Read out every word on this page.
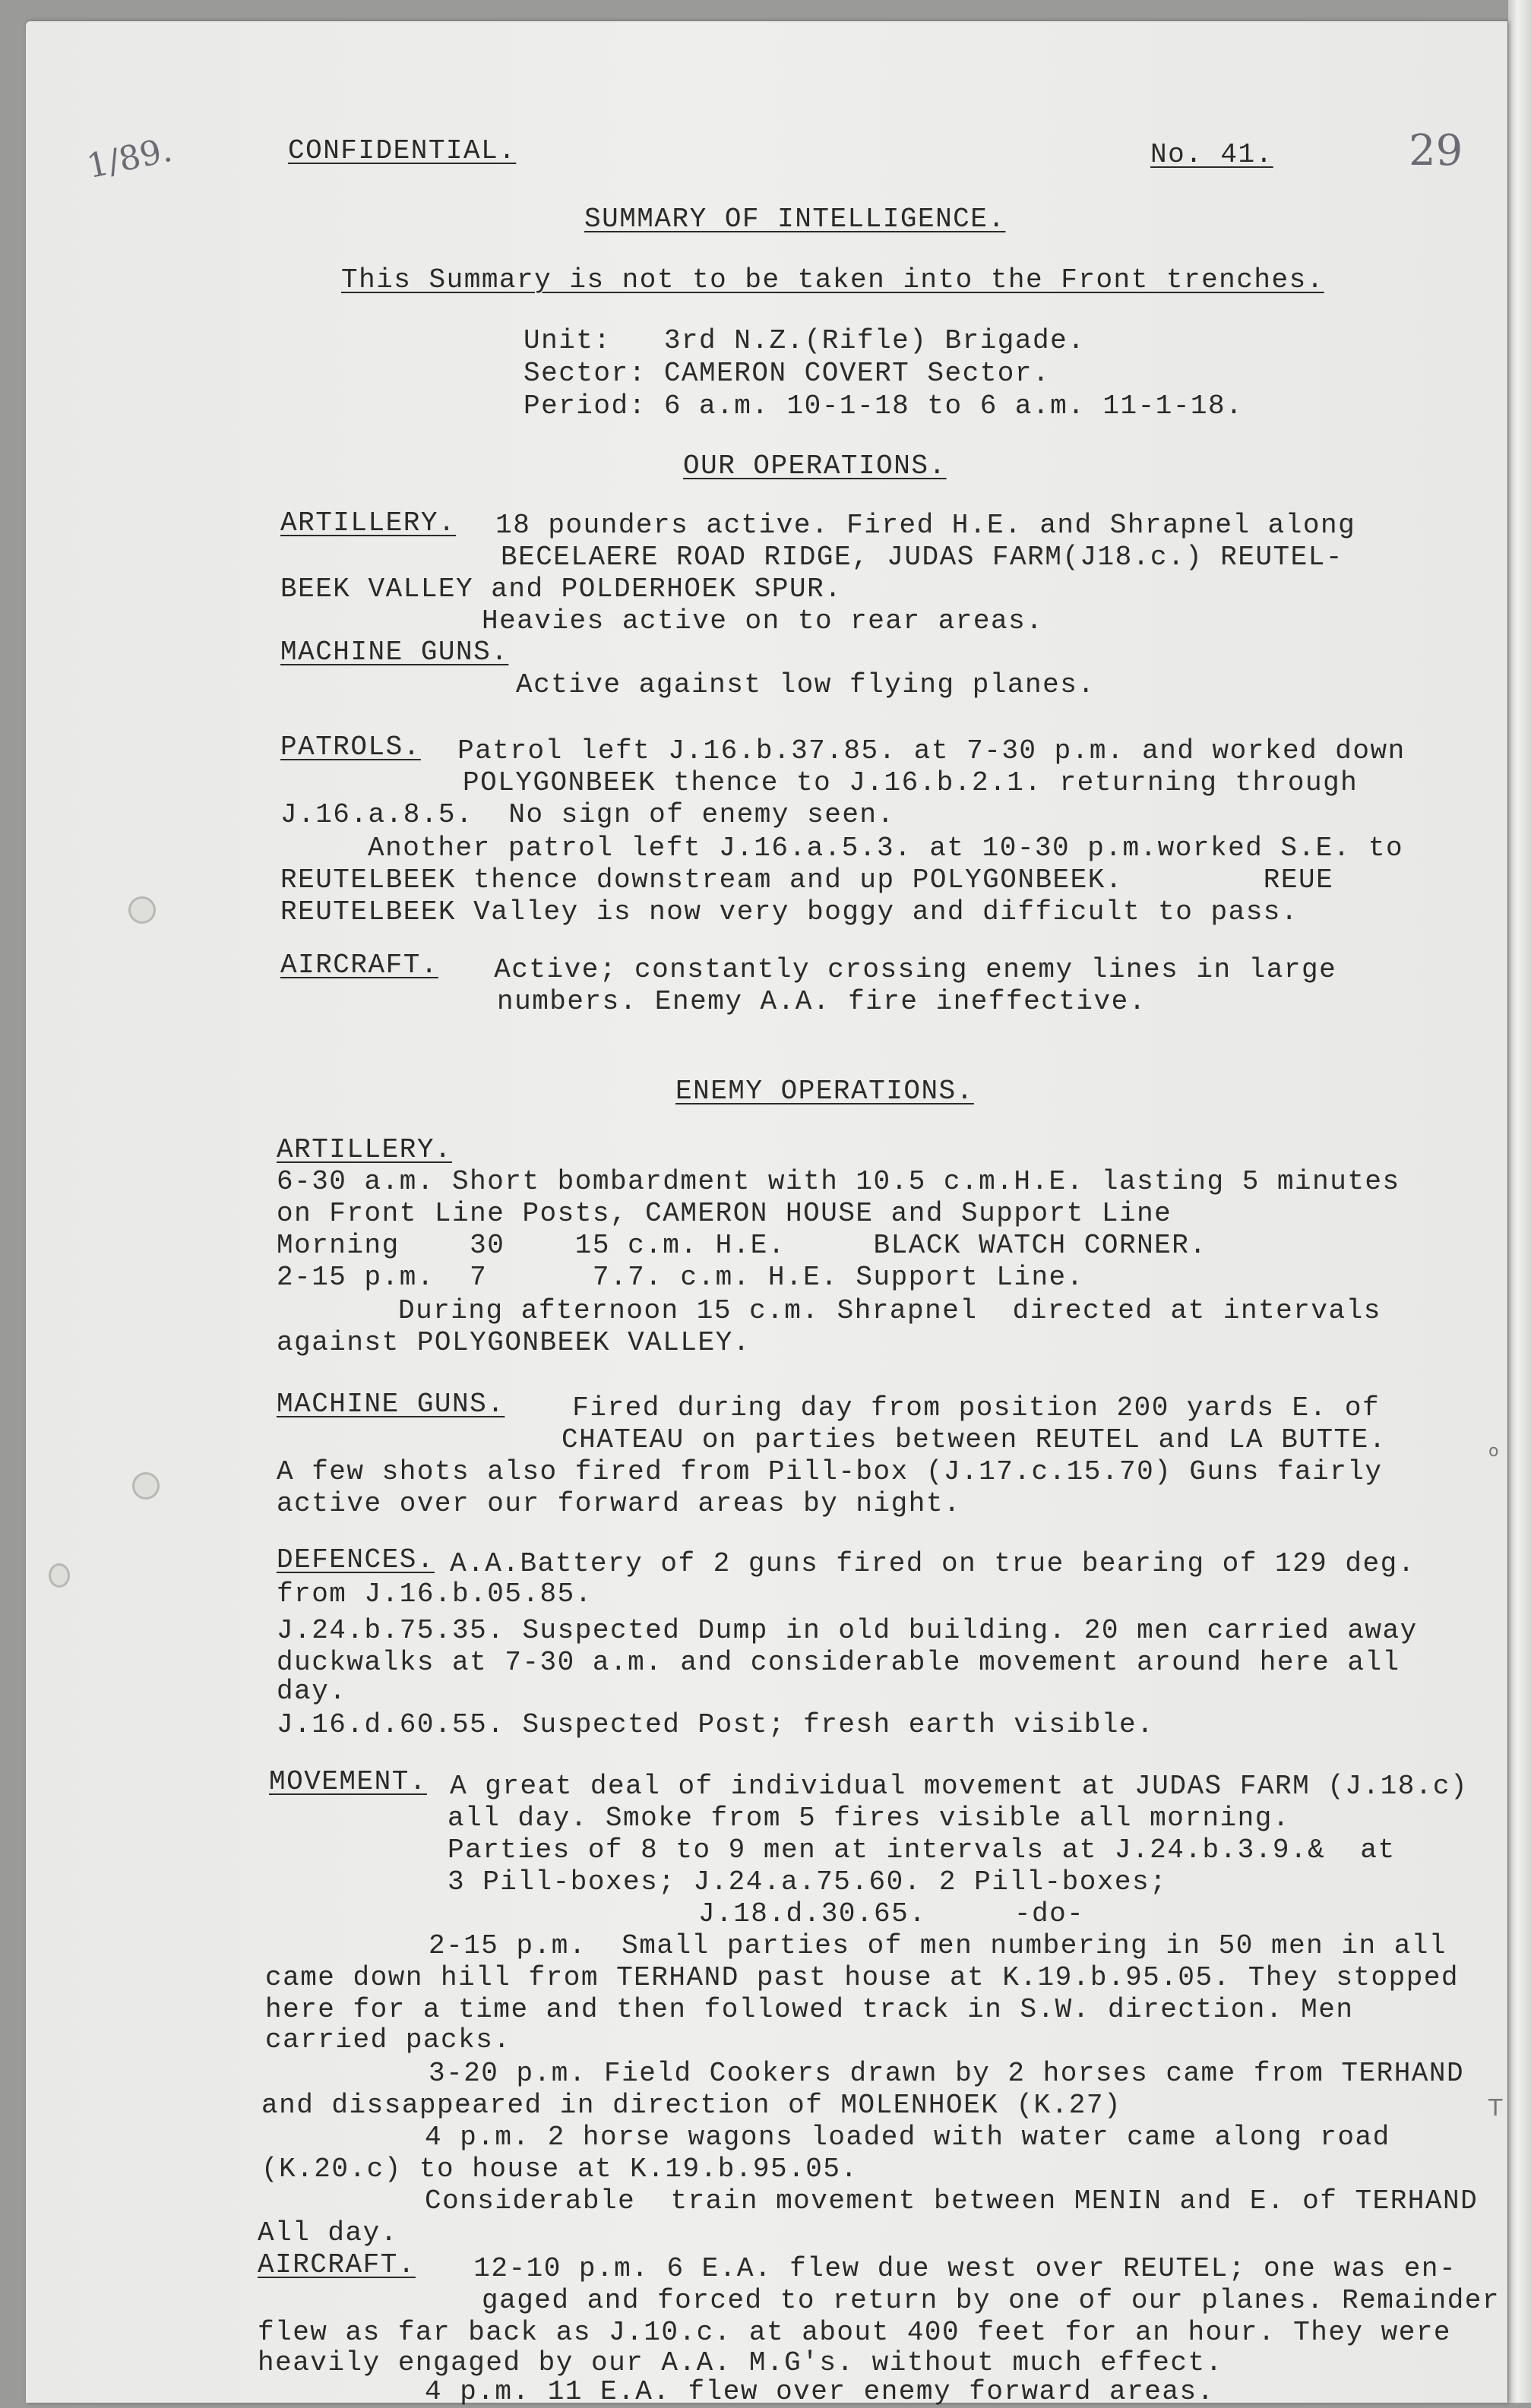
1/89.	CONFIDENTIAL.	No. 41.	29
SUMMARY OF INTELLIGENCE.
This Summary is not to be taken into the Front trenches.
Unit:   3rd N.Z.(Rifle) Brigade.
Sector: CAMERON COVERT Sector.
Period: 6 a.m. 10-1-18 to 6 a.m. 11-1-18.
OUR OPERATIONS.
ARTILLERY. 18 pounders active. Fired H.E. and Shrapnel along
BECELAERE ROAD RIDGE, JUDAS FARM(J18.c.) REUTEL-
BEEK VALLEY and POLDERHOEK SPUR.
Heavies active on to rear areas.
MACHINE GUNS.
Active against low flying planes.
PATROLS. Patrol left J.16.b.37.85. at 7-30 p.m. and worked down
POLYGONBEEK thence to J.16.b.2.1. returning through
J.16.a.8.5.  No sign of enemy seen.
Another patrol left J.16.a.5.3. at 10-30 p.m.worked S.E. to
REUTELBEEK thence downstream and up POLYGONBEEK.        REUE
REUTELBEEK Valley is now very boggy and difficult to pass.
AIRCRAFT. Active; constantly crossing enemy lines in large
numbers. Enemy A.A. fire ineffective.
ENEMY OPERATIONS.
ARTILLERY.
6-30 a.m. Short bombardment with 10.5 c.m.H.E. lasting 5 minutes
on Front Line Posts, CAMERON HOUSE and Support Line
Morning    30    15 c.m. H.E.     BLACK WATCH CORNER.
2-15 p.m.  7      7.7. c.m. H.E. Support Line.
During afternoon 15 c.m. Shrapnel  directed at intervals
against POLYGONBEEK VALLEY.
MACHINE GUNS. Fired during day from position 200 yards E. of
CHATEAU on parties between REUTEL and LA BUTTE.
A few shots also fired from Pill-box (J.17.c.15.70) Guns fairly
active over our forward areas by night.
DEFENCES.
A.A.Battery of 2 guns fired on true bearing of 129 deg.
from J.16.b.05.85.
J.24.b.75.35. Suspected Dump in old building. 20 men carried away
duckwalks at 7-30 a.m. and considerable movement around here all
day.
J.16.d.60.55. Suspected Post; fresh earth visible.
MOVEMENT. A great deal of individual movement at JUDAS FARM (J.18.c)
all day. Smoke from 5 fires visible all morning.
Parties of 8 to 9 men at intervals at J.24.b.3.9.&  at
3 Pill-boxes; J.24.a.75.60. 2 Pill-boxes;
J.18.d.30.65.     -do-
2-15 p.m.  Small parties of men numbering in 50 men in all
came down hill from TERHAND past house at K.19.b.95.05. They stopped
here for a time and then followed track in S.W. direction. Men
carried packs.
3-20 p.m. Field Cookers drawn by 2 horses came from TERHAND
and dissappeared in direction of MOLENHOEK (K.27)
4 p.m. 2 horse wagons loaded with water came along road
(K.20.c) to house at K.19.b.95.05.
Considerable  train movement between MENIN and E. of TERHAND
All day.
AIRCRAFT. 12-10 p.m. 6 E.A. flew due west over REUTEL; one was en-
gaged and forced to return by one of our planes. Remainder
flew as far back as J.10.c. at about 400 feet for an hour. They were
heavily engaged by our A.A. M.G's. without much effect.
4 p.m. 11 E.A. flew over enemy forward areas.
o
T
